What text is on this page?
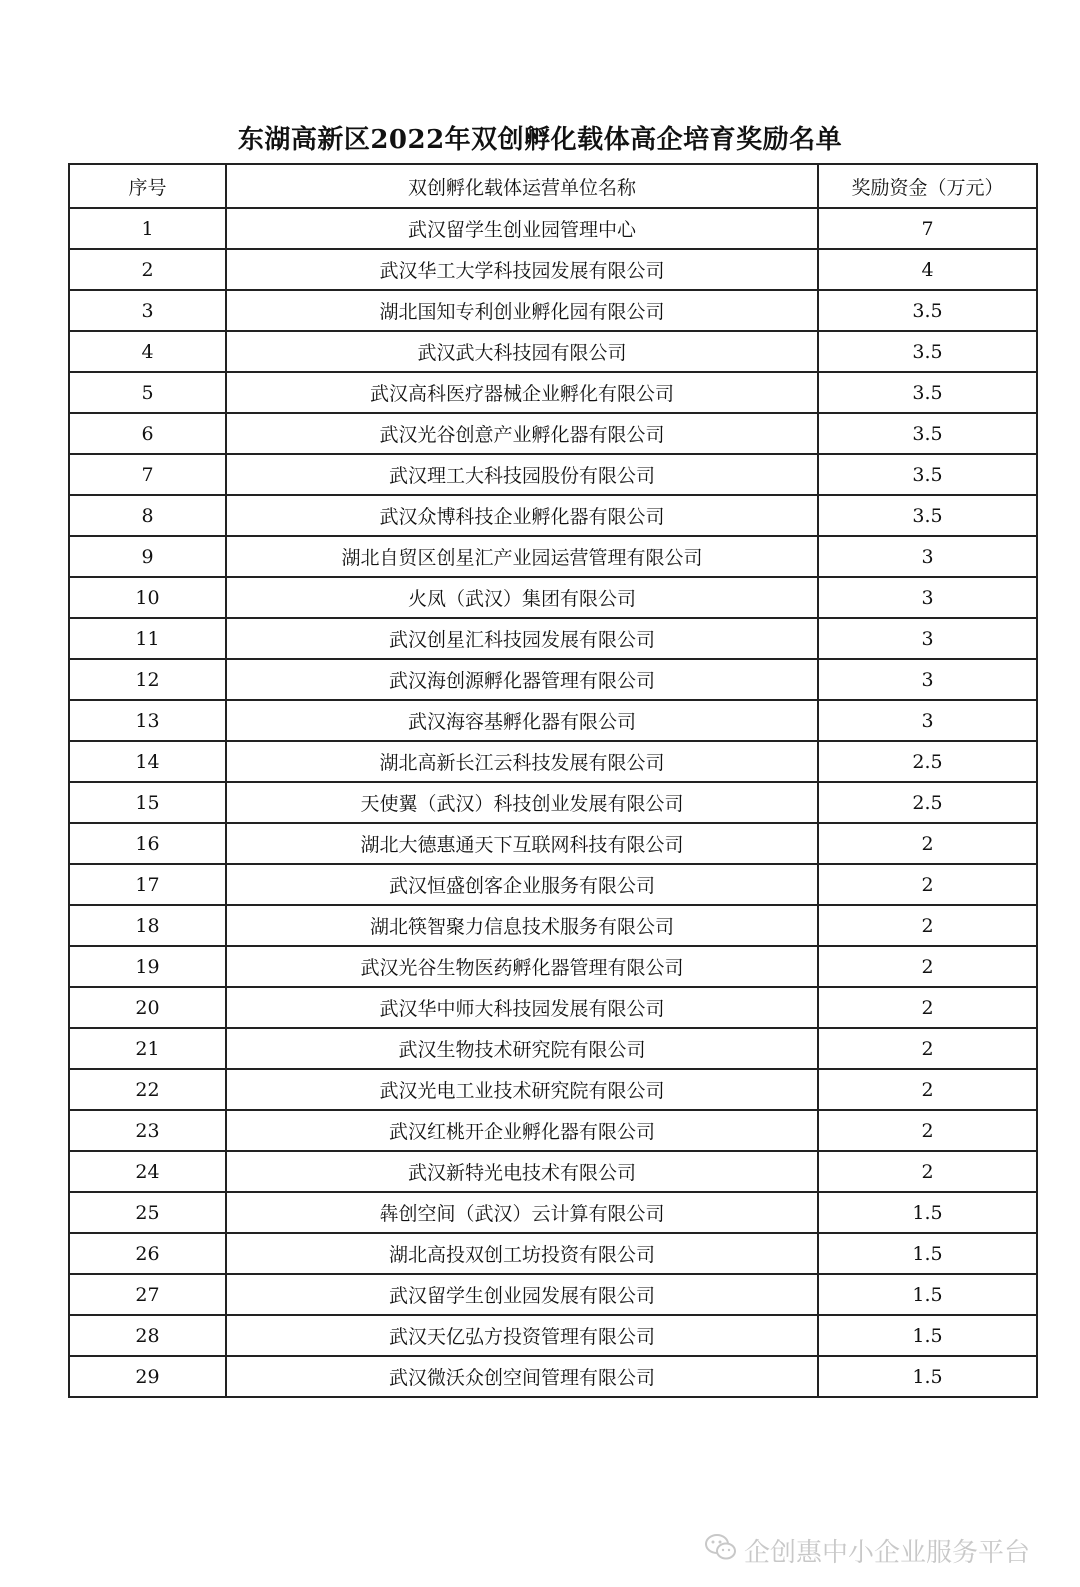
东湖高新区2022年双创孵化载体高企培育奖励名单
序号	双创孵化载体运营单位名称	奖励资金（万元）
1	武汉留学生创业园管理中心	7
2	武汉华工大学科技园发展有限公司	4
3	湖北国知专利创业孵化园有限公司	3.5
4	武汉武大科技园有限公司	3.5
5	武汉高科医疗器械企业孵化有限公司	3.5
6	武汉光谷创意产业孵化器有限公司	3.5
7	武汉理工大科技园股份有限公司	3.5
8	武汉众博科技企业孵化器有限公司	3.5
9	湖北自贸区创星汇产业园运营管理有限公司	3
10	火凤（武汉）集团有限公司	3
11	武汉创星汇科技园发展有限公司	3
12	武汉海创源孵化器管理有限公司	3
13	武汉海容基孵化器有限公司	3
14	湖北高新长江云科技发展有限公司	2.5
15	天使翼（武汉）科技创业发展有限公司	2.5
16	湖北大德惠通天下互联网科技有限公司	2
17	武汉恒盛创客企业服务有限公司	2
18	湖北筷智聚力信息技术服务有限公司	2
19	武汉光谷生物医药孵化器管理有限公司	2
20	武汉华中师大科技园发展有限公司	2
21	武汉生物技术研究院有限公司	2
22	武汉光电工业技术研究院有限公司	2
23	武汉红桃开企业孵化器有限公司	2
24	武汉新特光电技术有限公司	2
25	犇创空间（武汉）云计算有限公司	1.5
26	湖北高投双创工坊投资有限公司	1.5
27	武汉留学生创业园发展有限公司	1.5
28	武汉天亿弘方投资管理有限公司	1.5
29	武汉微沃众创空间管理有限公司	1.5
企创惠中小企业服务平台
